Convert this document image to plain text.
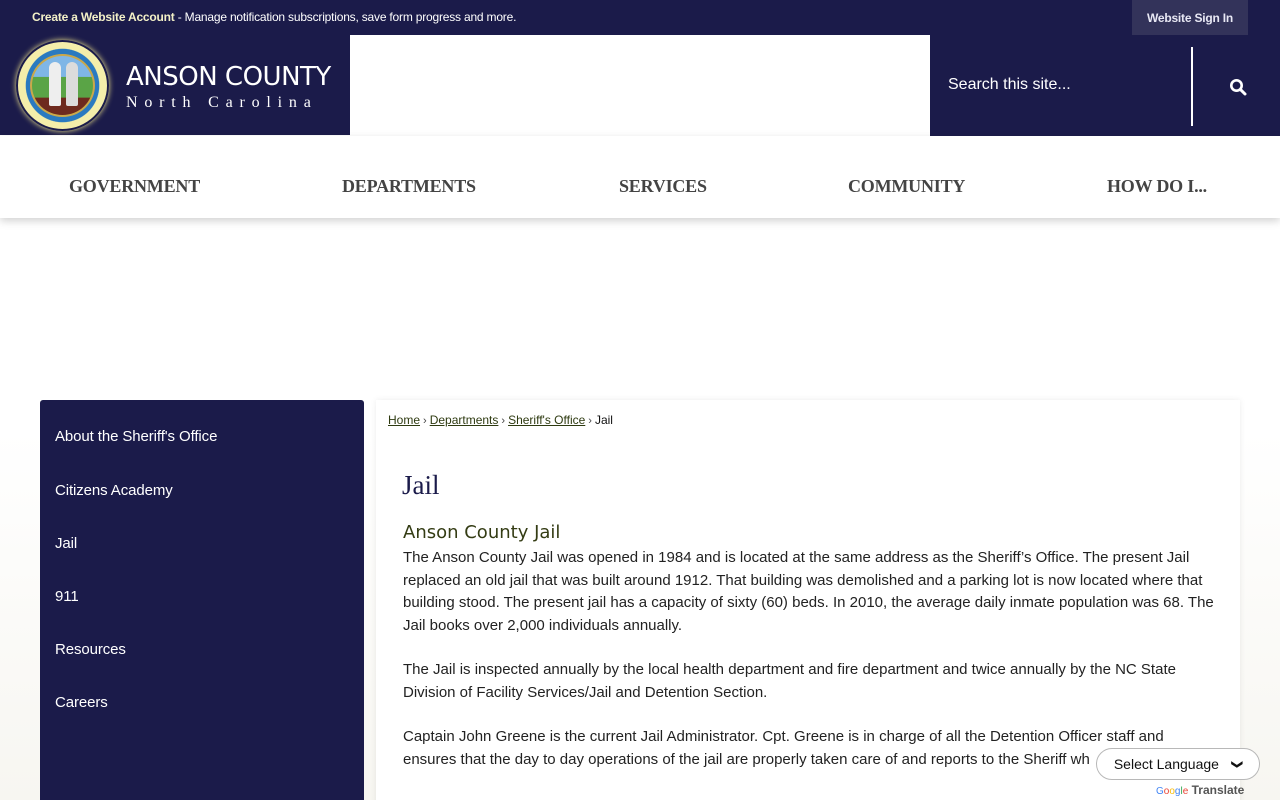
Create a Website Account - Manage notification subscriptions, save form progress and more.	Website Sign In
ANSON COUNTY
North Carolina
Search this site...
GOVERNMENT	DEPARTMENTS	SERVICES	COMMUNITY	HOW DO I...
About the Sheriff's Office
Citizens Academy
Jail
911
Resources
Careers
Home › Departments › Sheriff's Office › Jail
Jail
Anson County Jail

The Anson County Jail was opened in 1984 and is located at the same address as the Sheriff’s Office. The present Jail replaced an old jail that was built around 1912. That building was demolished and a parking lot is now located where that building stood. The present jail has a capacity of sixty (60) beds. In 2010, the average daily inmate population was 68. The Jail books over 2,000 individuals annually.

The Jail is inspected annually by the local health department and fire department and twice annually by the NC State Division of Facility Services/Jail and Detention Section.

Captain John Greene is the current Jail Administrator. Cpt. Greene is in charge of all the Detention Officer staff and ensures that the day to day operations of the jail are properly taken care of and reports to the Sheriff wh	Select Language ❯
Google Translate
